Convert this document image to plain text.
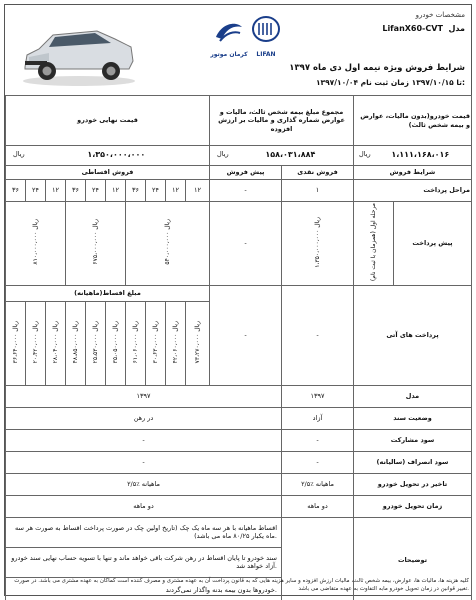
کرمان موتور	LIFAN
مشخصات خودرو
LifanX60-CVT مدل
شرایط فروش ویژه نیمه اول دی ماه ۱۳۹۷
۱۳۹۷/۱۰/۰۴ تا ۱۳۹۷/۱۰/۱۵ زمان ثبت نام:
قیمت نهایی خودرو										مجموع مبلغ بیمه شخص ثالث، مالیات و عوارض شماره گذاری و مالیات بر ارزش افزوده		قیمت خودرو(بدون مالیات، عوارض و بیمه شخص ثالث)	

ریال ۱،۳۵۰،۰۰۰،۰۰۰										ریال ۱۵۸،۰۳۱،۸۸۴		ریال ۱،۱۱۱،۱۶۸،۰۱۶	
فروش اقساطی										پیش فروش	فروش نقدی	شرایط فروش	
۳۶	۲۴	۱۲	۳۶	۲۴	۱۲	۳۶	۲۴	۱۲	۱۲	-	۱	مراحل پرداخت	
۸۱۰،۰۰۰،۰۰۰ ریال			۶۷۵،۰۰۰،۰۰۰ ریال			۵۴۰،۰۰۰،۰۰۰ ریال				-	۱،۳۵۰،۰۰۰،۰۰۰ ریال	مرحله اول (همزمان با ثبت نام)	پیش پرداخت
مبلغ اقساط(ماهیانه)										-	-	پرداخت های آتی	
۳۶،۶۴۰،۰۰۰ ریال	۲۰،۴۲۰،۰۰۰ ریال	۲۸،۰۴۰،۰۰۰ ریال	۴۸،۸۵۰،۰۰۰ ریال	۲۵،۵۳۰،۰۰۰ ریال	۳۵،۰۵۰،۰۰۰ ریال	۶۱،۰۶۰،۰۰۰ ریال	۳۰،۶۳۰،۰۰۰ ریال	۴۲،۰۶۰،۰۰۰ ریال	۷۳،۲۷۰،۰۰۰ ریال				
۱۳۹۷											۱۳۹۷	مدل	
در رهن											آزاد	وضعیت سند	
-											-	سود مشارکت	
-											-	سود انصراف (سالیانه)	
۲/۵٪ ماهیانه											۲/۵٪ ماهیانه	تاخیر در تحویل خودرو	
دو ماهه											دو ماهه	زمان تحویل خودرو	
اقساط ماهیانه با هر سه ماه یک چک (تاریخ اولین چک در صورت پرداخت اقساط به صورت هر سه ماه یکبار ۸۰/۲۵ ماه می باشد).												توضیحات	
سند خودرو تا پایان اقساط در رهن شرکت باقی خواهد ماند و تنها با تسویه حساب نهایی سند خودرو آزاد خواهد شد.													
خودروها بدون بیمه بدنه واگذار نمی‌گردند.													
کلیه هزینه ها، مالیات ها، عوارض، بیمه شخص ثالث، مالیات ارزش افزوده و سایر هزینه هایی که به قانون پرداخت آن به عهده مشتری و مصرف کننده است کماکان به عهده مشتری می باشد. در صورت تغییر قوانین در زمان تحویل خودرو مابه التفاوت به عهده متقاضی می باشد.
